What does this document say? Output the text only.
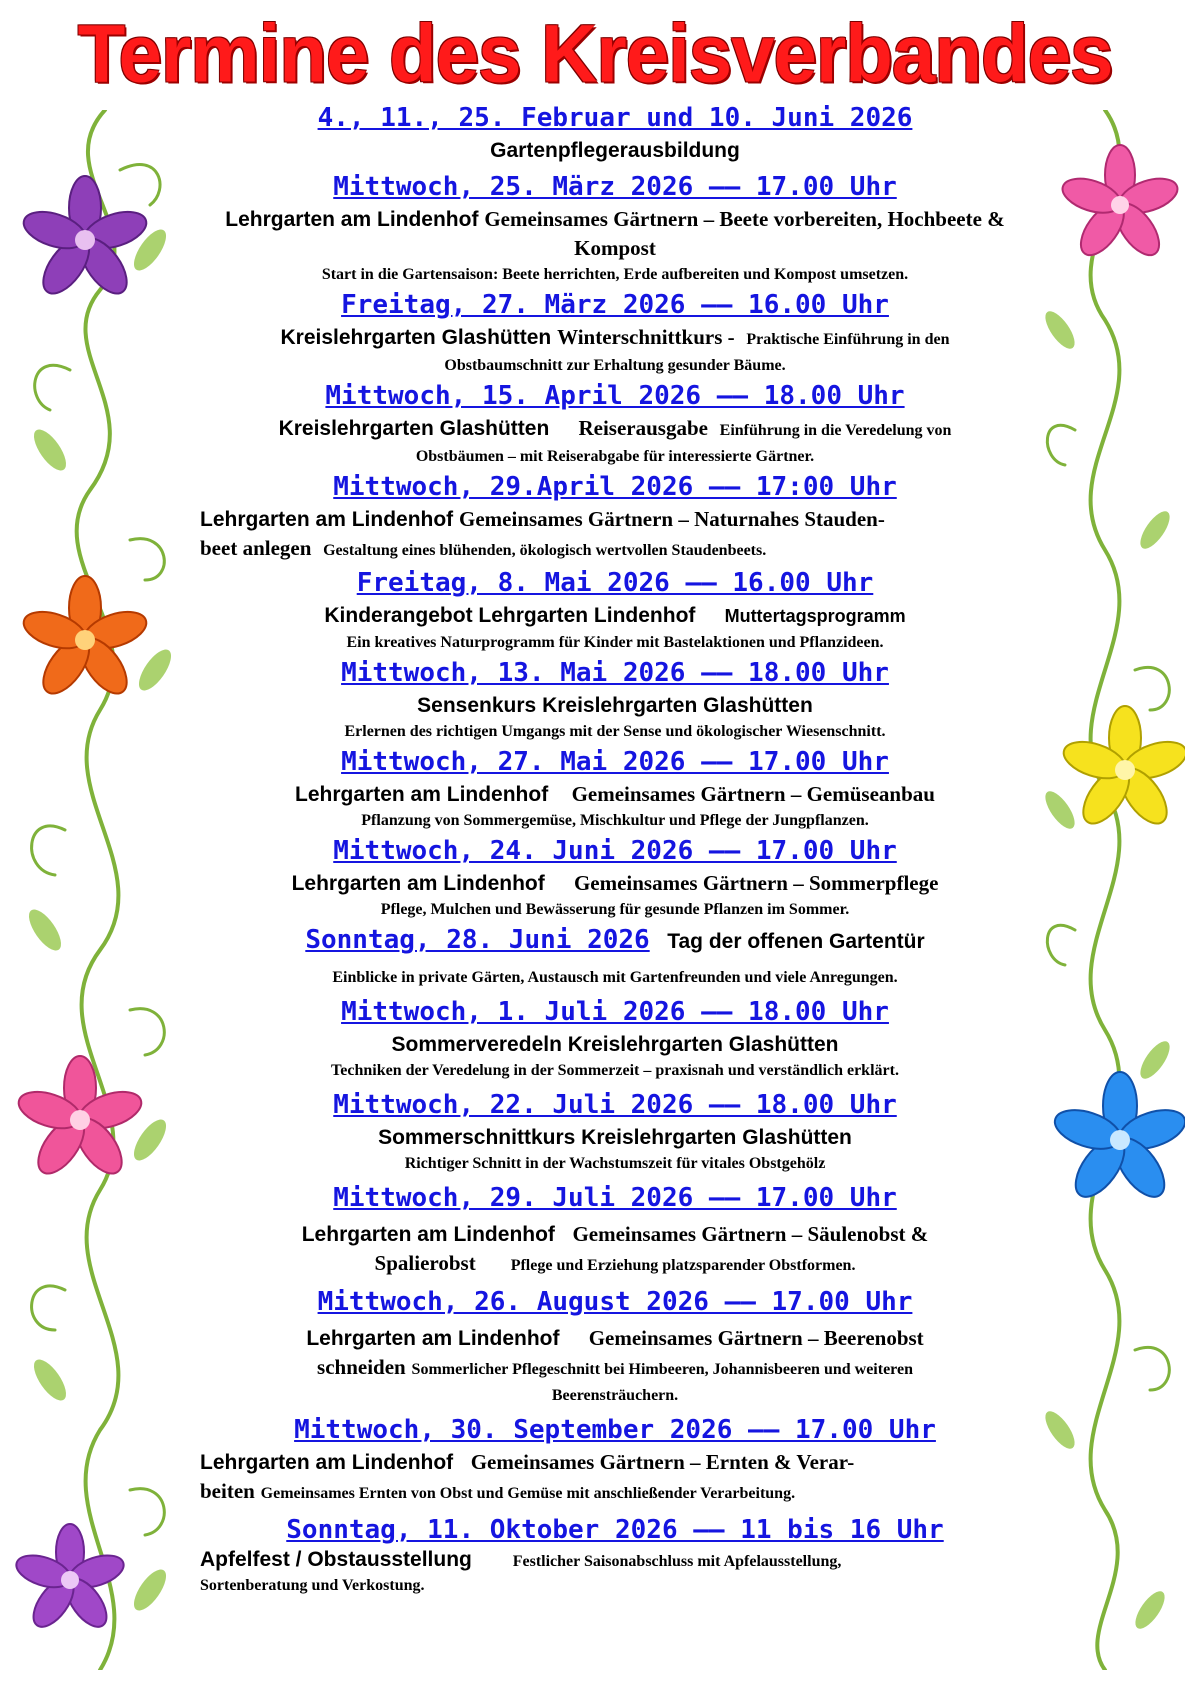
Termine des Kreisverbandes
4., 11., 25. Februar und 10. Juni 2026
Gartenpflegerausbildung
Mittwoch, 25. März 2026 —— 17.00 Uhr
Lehrgarten am Lindenhof Gemeinsames Gärtnern – Beete vorbereiten, Hochbeete & Kompost
Start in die Gartensaison: Beete herrichten, Erde aufbereiten und Kompost umsetzen.
Freitag, 27. März 2026 —— 16.00 Uhr
Kreislehrgarten Glashütten Winterschnittkurs - Praktische Einführung in den
Obstbaumschnitt zur Erhaltung gesunder Bäume.
Mittwoch, 15. April 2026 —— 18.00 Uhr
Kreislehrgarten Glashütten Reiserausgabe Einführung in die Veredelung von
Obstbäumen – mit Reiserabgabe für interessierte Gärtner.
Mittwoch, 29.April 2026 —— 17:00 Uhr
Lehrgarten am Lindenhof Gemeinsames Gärtnern – Naturnahes Stauden-
beet anlegen Gestaltung eines blühenden, ökologisch wertvollen Staudenbeets.
Freitag, 8. Mai 2026 —— 16.00 Uhr
Kinderangebot Lehrgarten Lindenhof Muttertagsprogramm
Ein kreatives Naturprogramm für Kinder mit Bastelaktionen und Pflanzideen.
Mittwoch, 13. Mai 2026 —— 18.00 Uhr
Sensenkurs Kreislehrgarten Glashütten
Erlernen des richtigen Umgangs mit der Sense und ökologischer Wiesenschnitt.
Mittwoch, 27. Mai 2026 —— 17.00 Uhr
Lehrgarten am Lindenhof Gemeinsames Gärtnern – Gemüseanbau
Pflanzung von Sommergemüse, Mischkultur und Pflege der Jungpflanzen.
Mittwoch, 24. Juni 2026 —— 17.00 Uhr
Lehrgarten am Lindenhof Gemeinsames Gärtnern – Sommerpflege
Pflege, Mulchen und Bewässerung für gesunde Pflanzen im Sommer.
Sonntag, 28. Juni 2026   Tag der offenen Gartentür
Einblicke in private Gärten, Austausch mit Gartenfreunden und viele Anregungen.
Mittwoch, 1. Juli 2026 —— 18.00 Uhr
Sommerveredeln Kreislehrgarten Glashütten
Techniken der Veredelung in der Sommerzeit – praxisnah und verständlich erklärt.
Mittwoch, 22. Juli 2026 —— 18.00 Uhr
Sommerschnittkurs Kreislehrgarten Glashütten
Richtiger Schnitt in der Wachstumszeit für vitales Obstgehölz
Mittwoch, 29. Juli 2026 —— 17.00 Uhr
Lehrgarten am Lindenhof Gemeinsames Gärtnern – Säulenobst &
Spalierobst Pflege und Erziehung platzsparender Obstformen.
Mittwoch, 26. August 2026 —— 17.00 Uhr
Lehrgarten am Lindenhof Gemeinsames Gärtnern – Beerenobst
schneiden Sommerlicher Pflegeschnitt bei Himbeeren, Johannisbeeren und weiteren
Beerensträuchern.
Mittwoch, 30. September 2026 —— 17.00 Uhr
Lehrgarten am Lindenhof Gemeinsames Gärtnern – Ernten & Verar-
beiten Gemeinsames Ernten von Obst und Gemüse mit anschließender Verarbeitung.
Sonntag, 11. Oktober 2026 —— 11 bis 16 Uhr
Apfelfest / Obstausstellung	Festlicher Saisonabschluss mit Apfelausstellung,
Sortenberatung und Verkostung.
